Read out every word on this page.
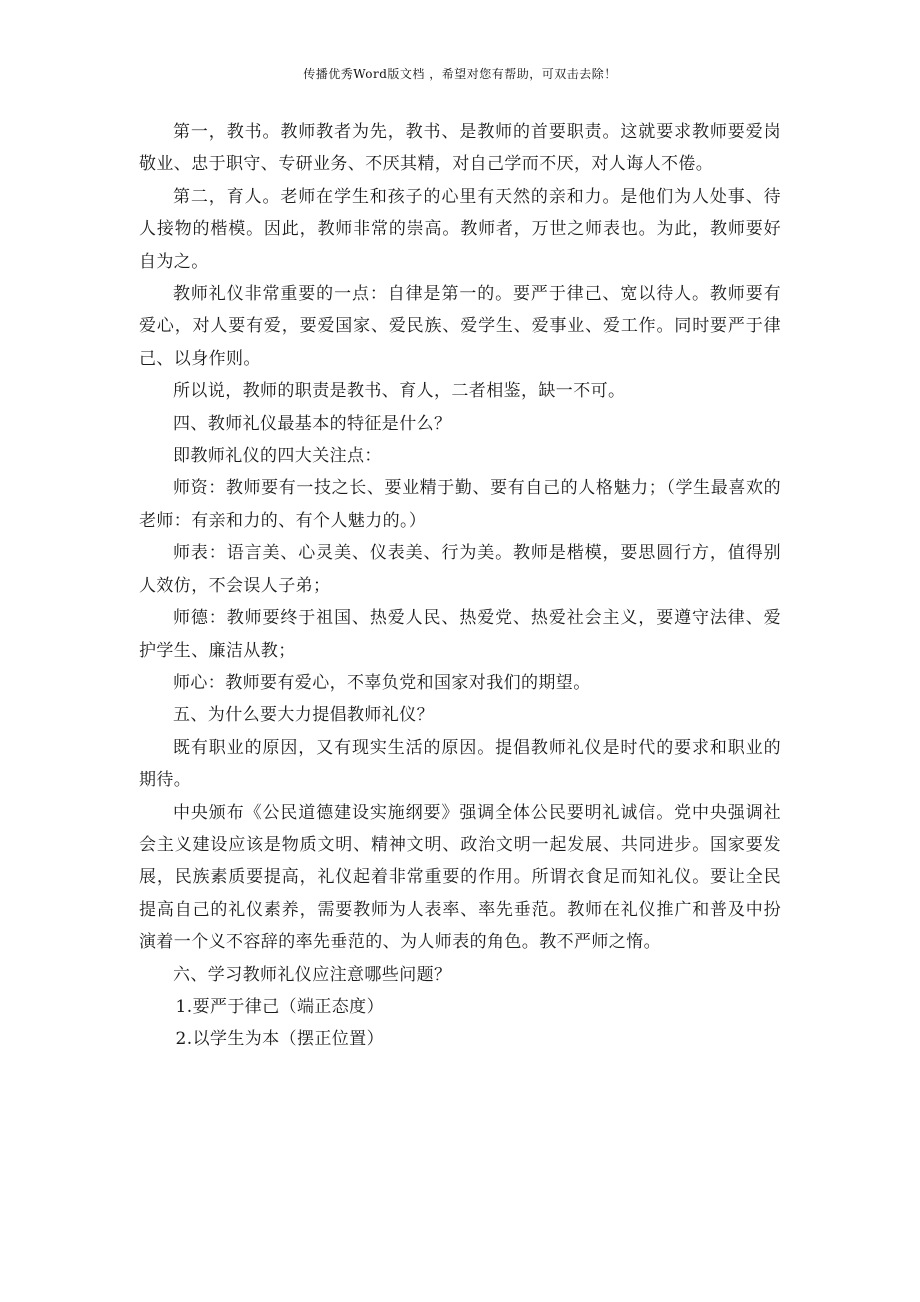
传播优秀Word版文档 ，希望对您有帮助，可双击去除！

第一，教书。教师教者为先，教书、是教师的首要职责。这就要求教师要爱岗敬业、忠于职守、专研业务、不厌其精，对自己学而不厌，对人诲人不倦。

第二，育人。老师在学生和孩子的心里有天然的亲和力。是他们为人处事、待人接物的楷模。因此，教师非常的崇高。教师者，万世之师表也。为此，教师要好自为之。

教师礼仪非常重要的一点：自律是第一的。要严于律己、宽以待人。教师要有爱心，对人要有爱，要爱国家、爱民族、爱学生、爱事业、爱工作。同时要严于律己、以身作则。

所以说，教师的职责是教书、育人，二者相鉴，缺一不可。

四、教师礼仪最基本的特征是什么？

即教师礼仪的四大关注点：

师资：教师要有一技之长、要业精于勤、要有自己的人格魅力；（学生最喜欢的老师：有亲和力的、有个人魅力的。）

师表：语言美、心灵美、仪表美、行为美。教师是楷模，要思圆行方，值得别人效仿，不会误人子弟；

师德：教师要终于祖国、热爱人民、热爱党、热爱社会主义，要遵守法律、爱护学生、廉洁从教；

师心：教师要有爱心，不辜负党和国家对我们的期望。

五、为什么要大力提倡教师礼仪？

既有职业的原因，又有现实生活的原因。提倡教师礼仪是时代的要求和职业的期待。

中央颁布《公民道德建设实施纲要》强调全体公民要明礼诚信。党中央强调社会主义建设应该是物质文明、精神文明、政治文明一起发展、共同进步。国家要发展，民族素质要提高，礼仪起着非常重要的作用。所谓衣食足而知礼仪。要让全民提高自己的礼仪素养，需要教师为人表率、率先垂范。教师在礼仪推广和普及中扮演着一个义不容辞的率先垂范的、为人师表的角色。教不严师之惰。

六、学习教师礼仪应注意哪些问题？

1.要严于律己（端正态度）

2.以学生为本（摆正位置）
